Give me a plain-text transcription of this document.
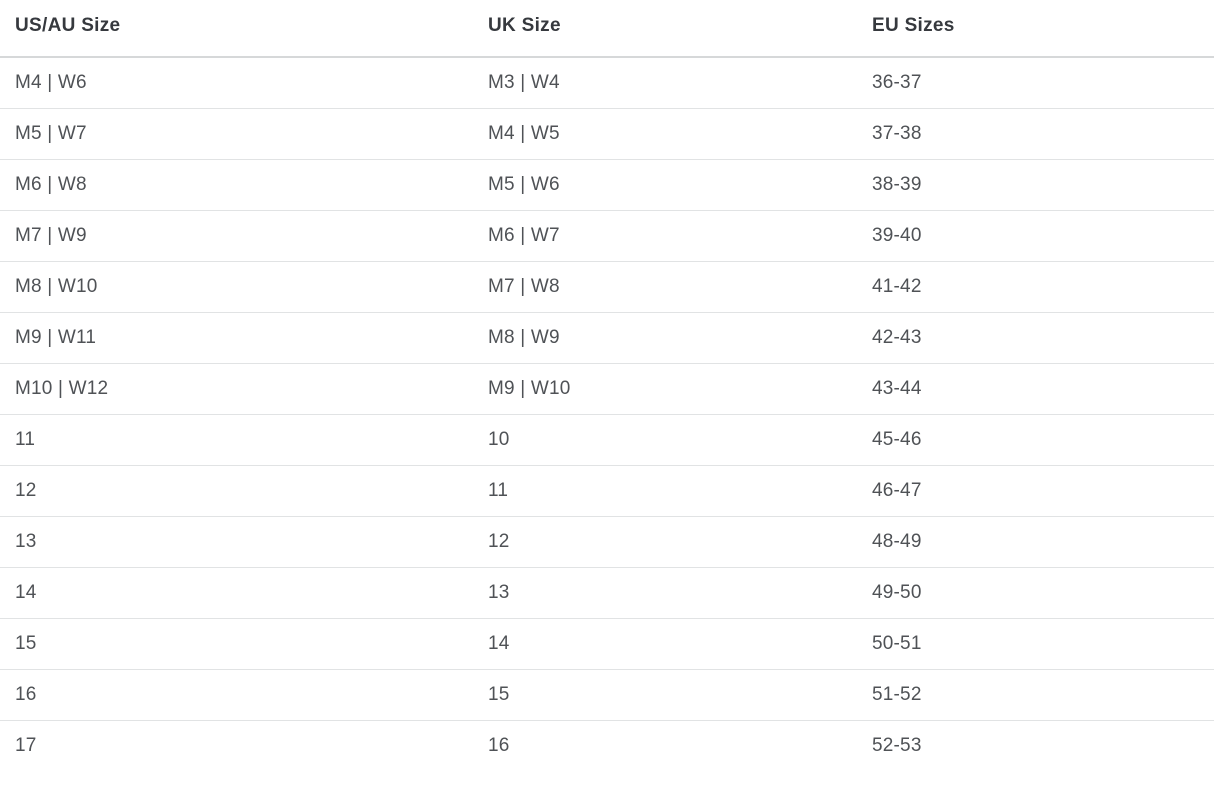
US/AU Size	UK Size	EU Sizes
M4 | W6	M3 | W4	36-37
M5 | W7	M4 | W5	37-38
M6 | W8	M5 | W6	38-39
M7 | W9	M6 | W7	39-40
M8 | W10	M7 | W8	41-42
M9 | W11	M8 | W9	42-43
M10 | W12	M9 | W10	43-44
11	10	45-46
12	11	46-47
13	12	48-49
14	13	49-50
15	14	50-51
16	15	51-52
17	16	52-53
